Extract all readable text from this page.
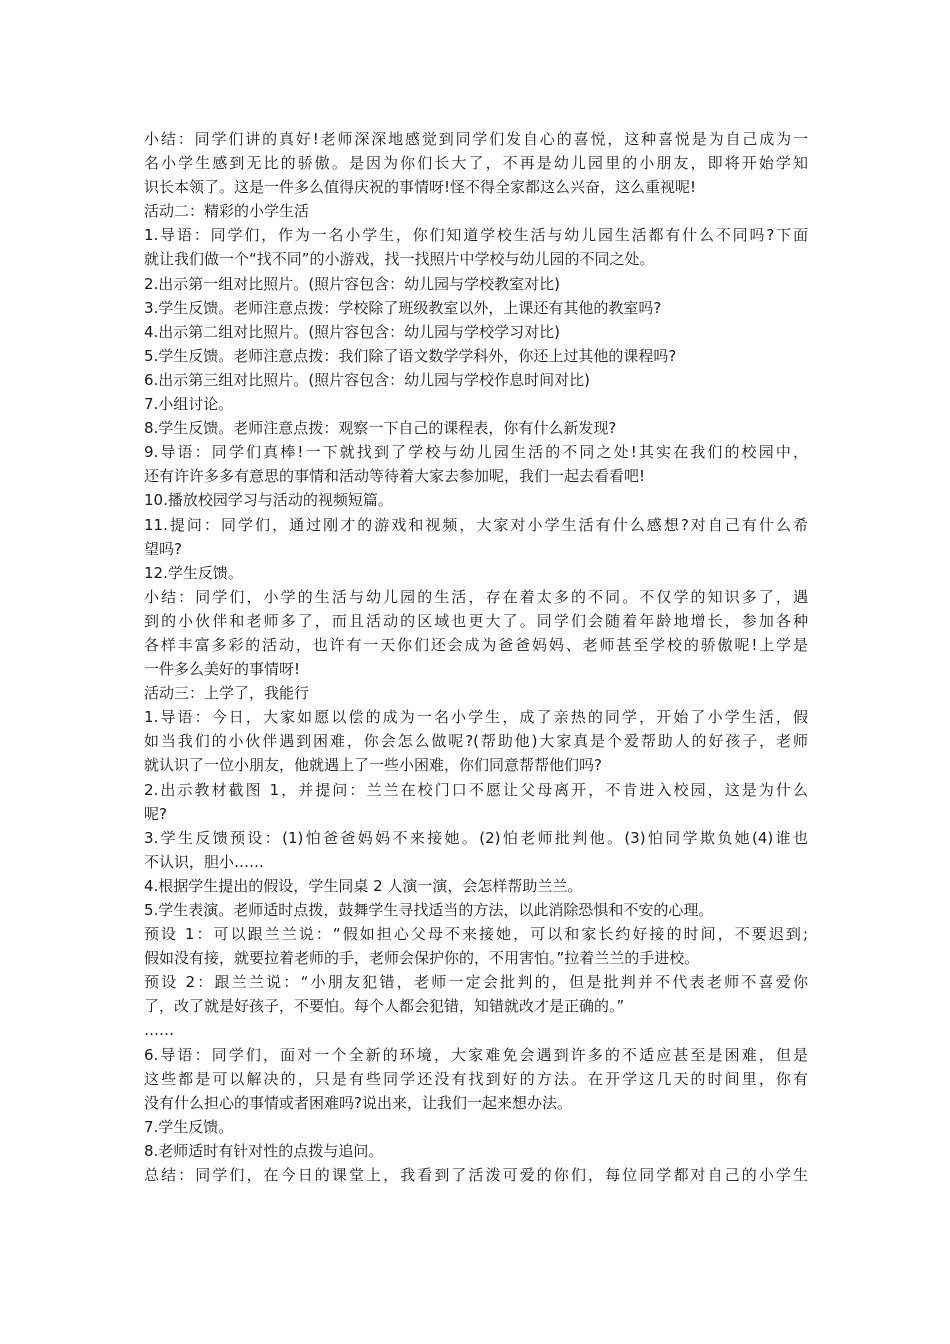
小结：同学们讲的真好!老师深深地感觉到同学们发自心的喜悦，这种喜悦是为自己成为一
名小学生感到无比的骄傲。是因为你们长大了，不再是幼儿园里的小朋友，即将开始学知
识长本领了。这是一件多么值得庆祝的事情呀!怪不得全家都这么兴奋，这么重视呢!
活动二：精彩的小学生活
1.导语：同学们，作为一名小学生，你们知道学校生活与幼儿园生活都有什么不同吗?下面
就让我们做一个“找不同”的小游戏，找一找照片中学校与幼儿园的不同之处。
2.出示第一组对比照片。(照片容包含：幼儿园与学校教室对比)
3.学生反馈。老师注意点拨：学校除了班级教室以外，上课还有其他的教室吗?
4.出示第二组对比照片。(照片容包含：幼儿园与学校学习对比)
5.学生反馈。老师注意点拨：我们除了语文数学学科外，你还上过其他的课程吗?
6.出示第三组对比照片。(照片容包含：幼儿园与学校作息时间对比)
7.小组讨论。
8.学生反馈。老师注意点拨：观察一下自己的课程表，你有什么新发现?
9.导语：同学们真棒!一下就找到了学校与幼儿园生活的不同之处!其实在我们的校园中，
还有许许多多有意思的事情和活动等待着大家去参加呢，我们一起去看看吧!
10.播放校园学习与活动的视频短篇。
11.提问：同学们，通过刚才的游戏和视频，大家对小学生活有什么感想?对自己有什么希
望吗?
12.学生反馈。
小结：同学们，小学的生活与幼儿园的生活，存在着太多的不同。不仅学的知识多了，遇
到的小伙伴和老师多了，而且活动的区域也更大了。同学们会随着年龄地增长，参加各种
各样丰富多彩的活动，也许有一天你们还会成为爸爸妈妈、老师甚至学校的骄傲呢!上学是
一件多么美好的事情呀!
活动三：上学了，我能行
1.导语：今日，大家如愿以偿的成为一名小学生，成了亲热的同学，开始了小学生活，假
如当我们的小伙伴遇到困难，你会怎么做呢?(帮助他)大家真是个爱帮助人的好孩子，老师
就认识了一位小朋友，他就遇上了一些小困难，你们同意帮帮他们吗?
2.出示教材截图 1，并提问：兰兰在校门口不愿让父母离开，不肯进入校园，这是为什么
呢?
3.学生反馈预设：(1)怕爸爸妈妈不来接她。(2)怕老师批判他。(3)怕同学欺负她(4)谁也
不认识，胆小……
4.根据学生提出的假设，学生同桌 2 人演一演，会怎样帮助兰兰。
5.学生表演。老师适时点拨，鼓舞学生寻找适当的方法，以此消除恐惧和不安的心理。
预设 1：可以跟兰兰说：“假如担心父母不来接她，可以和家长约好接的时间，不要迟到;
假如没有接，就要拉着老师的手，老师会保护你的，不用害怕。”拉着兰兰的手进校。
预设 2：跟兰兰说：“小朋友犯错，老师一定会批判的，但是批判并不代表老师不喜爱你
了，改了就是好孩子，不要怕。每个人都会犯错，知错就改才是正确的。”
……
6.导语：同学们，面对一个全新的环境，大家难免会遇到许多的不适应甚至是困难，但是
这些都是可以解决的，只是有些同学还没有找到好的方法。在开学这几天的时间里，你有
没有什么担心的事情或者困难吗?说出来，让我们一起来想办法。
7.学生反馈。
8.老师适时有针对性的点拨与追问。
总结：同学们，在今日的课堂上，我看到了活泼可爱的你们，每位同学都对自己的小学生
